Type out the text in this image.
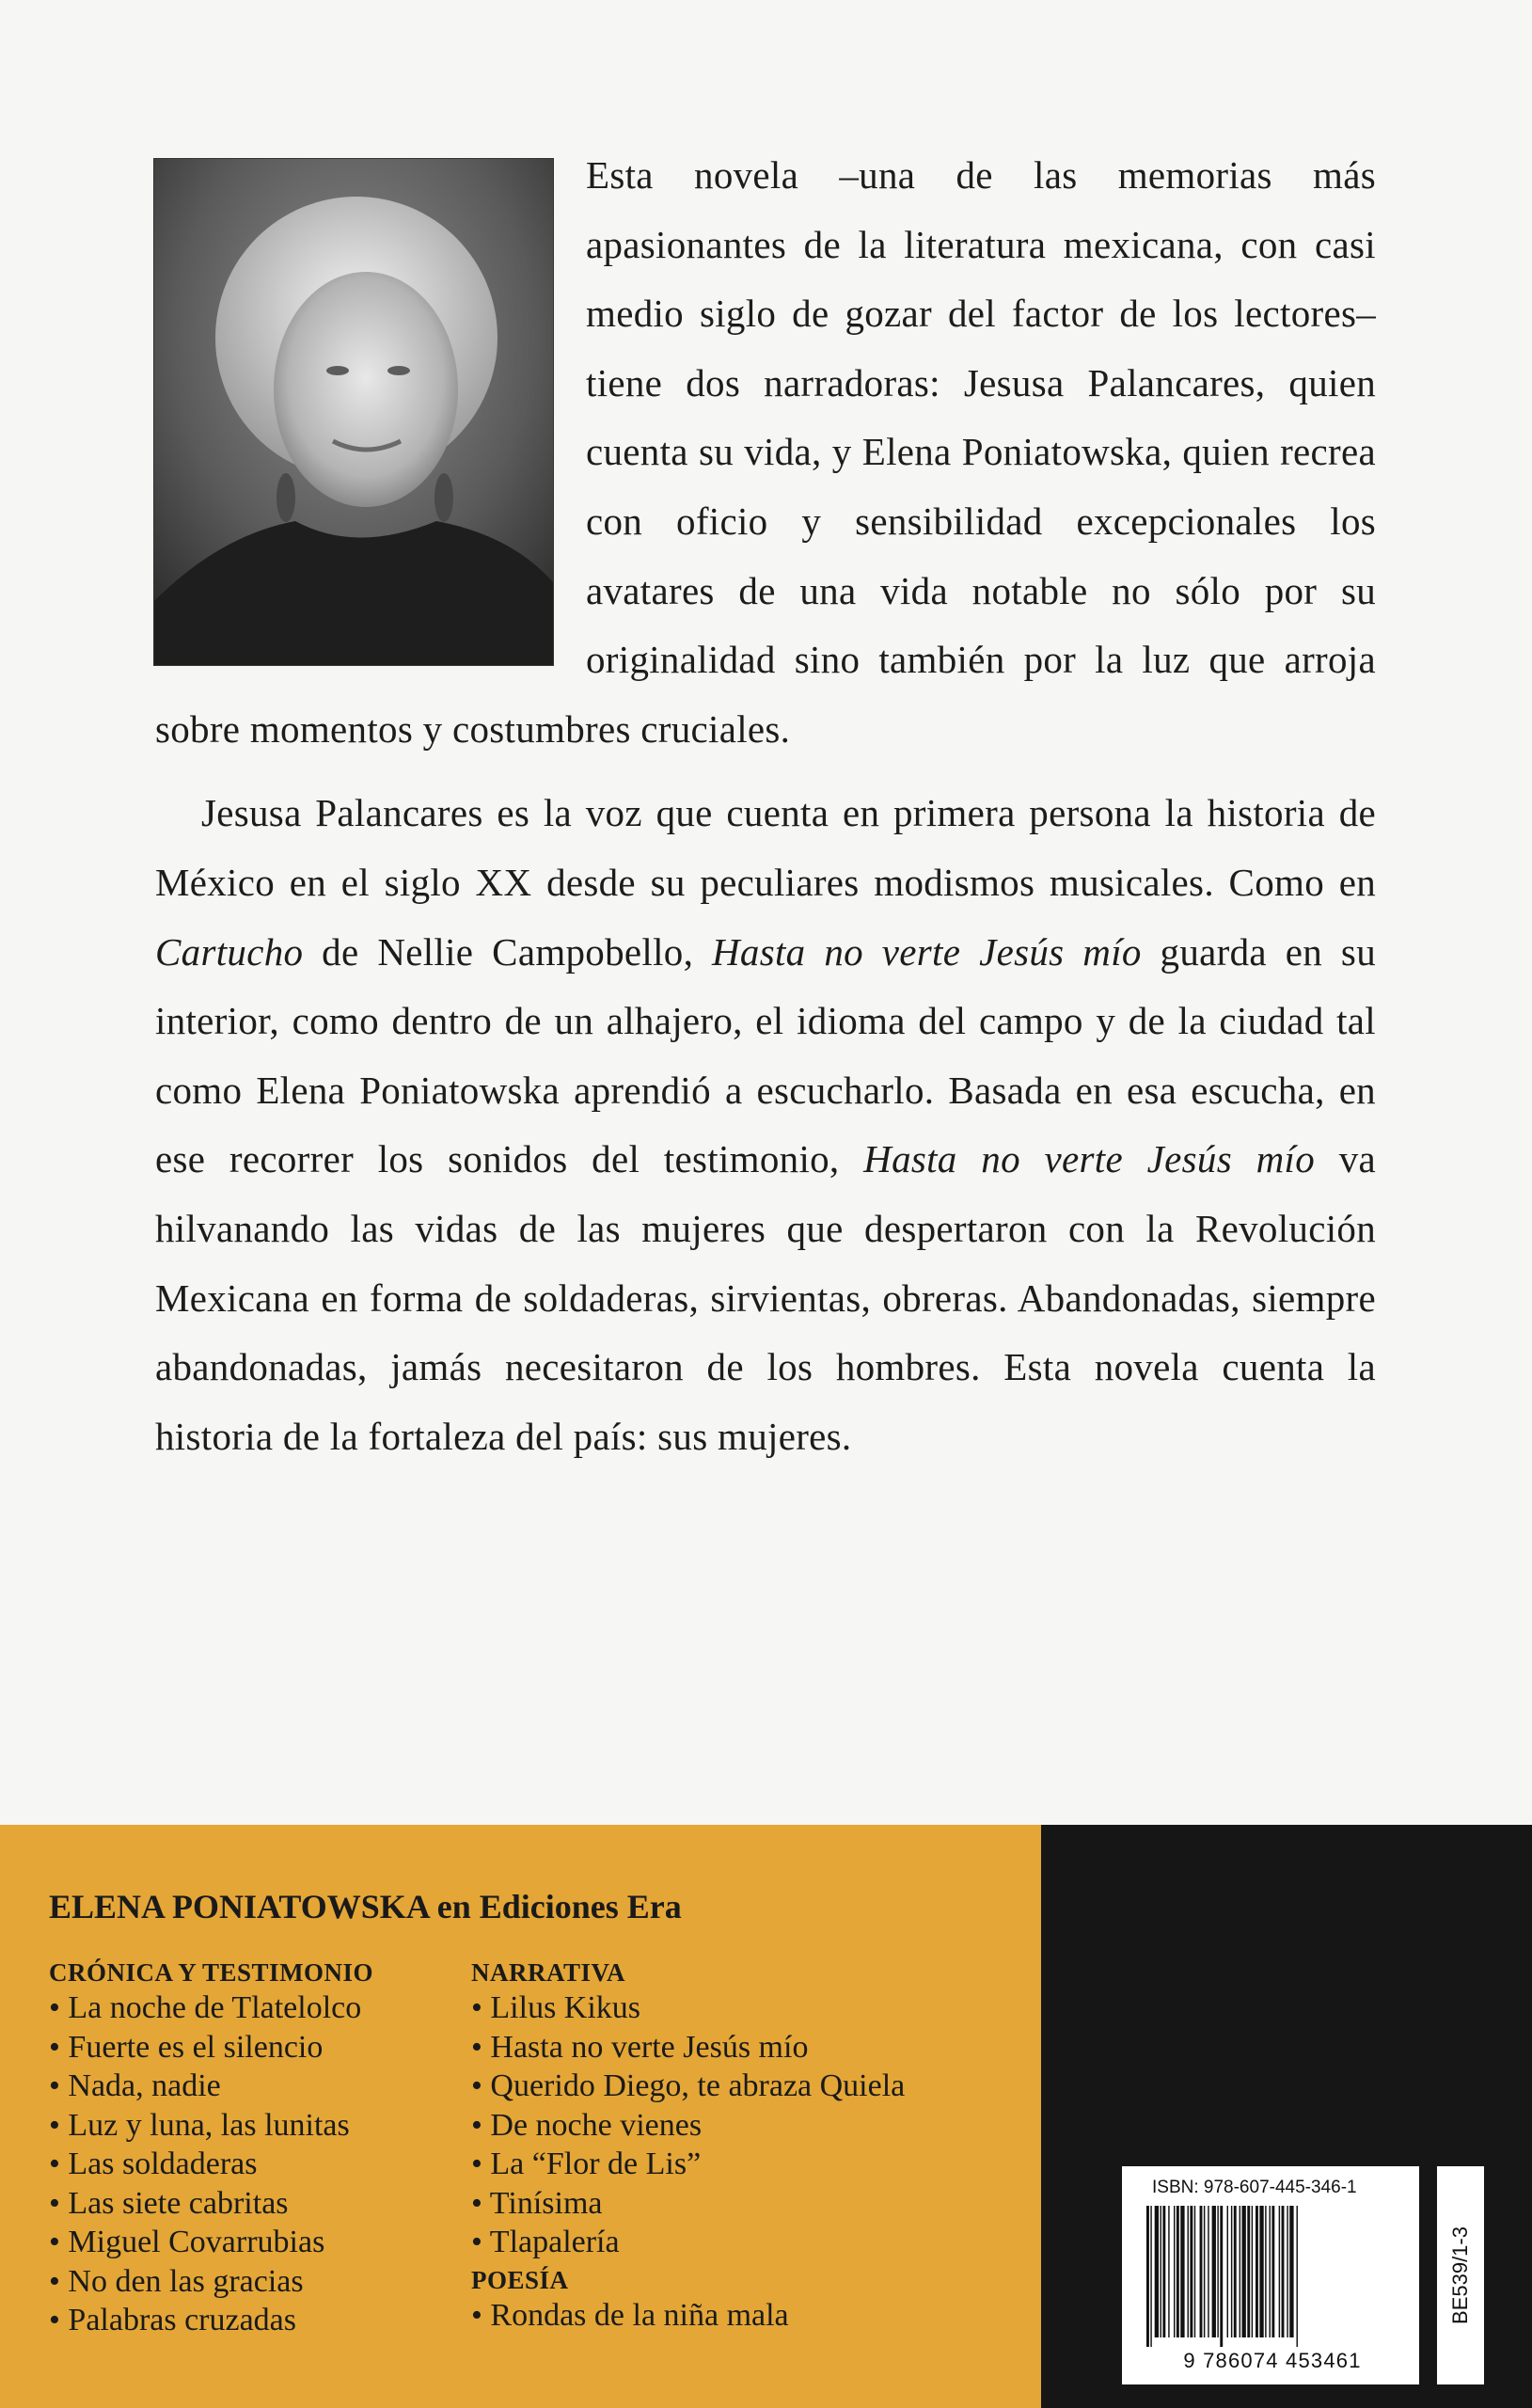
Esta novela –una de las memorias más apasionantes de la literatura mexicana, con casi medio siglo de gozar del factor de los lectores– tiene dos narradoras: Jesusa Palancares, quien cuenta su vida, y Elena Poniatowska, quien recrea con oficio y sensibilidad excepcionales los avatares de una vida notable no sólo por su originalidad sino también por la luz que arroja sobre momentos y costumbres cruciales.

Jesusa Palancares es la voz que cuenta en primera persona la historia de México en el siglo XX desde su peculiares modismos musicales. Como en Cartucho de Nellie Campobello, Hasta no verte Jesús mío guarda en su interior, como dentro de un alhajero, el idioma del campo y de la ciudad tal como Elena Poniatowska aprendió a escucharlo. Basada en esa escucha, en ese recorrer los sonidos del testimonio, Hasta no verte Jesús mío va hilvanando las vidas de las mujeres que despertaron con la Revolución Mexicana en forma de soldaderas, sirvientas, obreras. Abandonadas, siempre abandonadas, jamás necesitaron de los hombres. Esta novela cuenta la historia de la fortaleza del país: sus mujeres.

ELENA PONIATOWSKA en Ediciones Era
CRÓNICA Y TESTIMONIO
• La noche de Tlatelolco
• Fuerte es el silencio
• Nada, nadie
• Luz y luna, las lunitas
• Las soldaderas
• Las siete cabritas
• Miguel Covarrubias
• No den las gracias
• Palabras cruzadas
NARRATIVA
• Lilus Kikus
• Hasta no verte Jesús mío
• Querido Diego, te abraza Quiela
• De noche vienes
• La “Flor de Lis”
• Tinísima
• Tlapalería
POESÍA
• Rondas de la niña mala
ISBN: 978-607-445-346-1
9 786074 453461
BE539/1-3
